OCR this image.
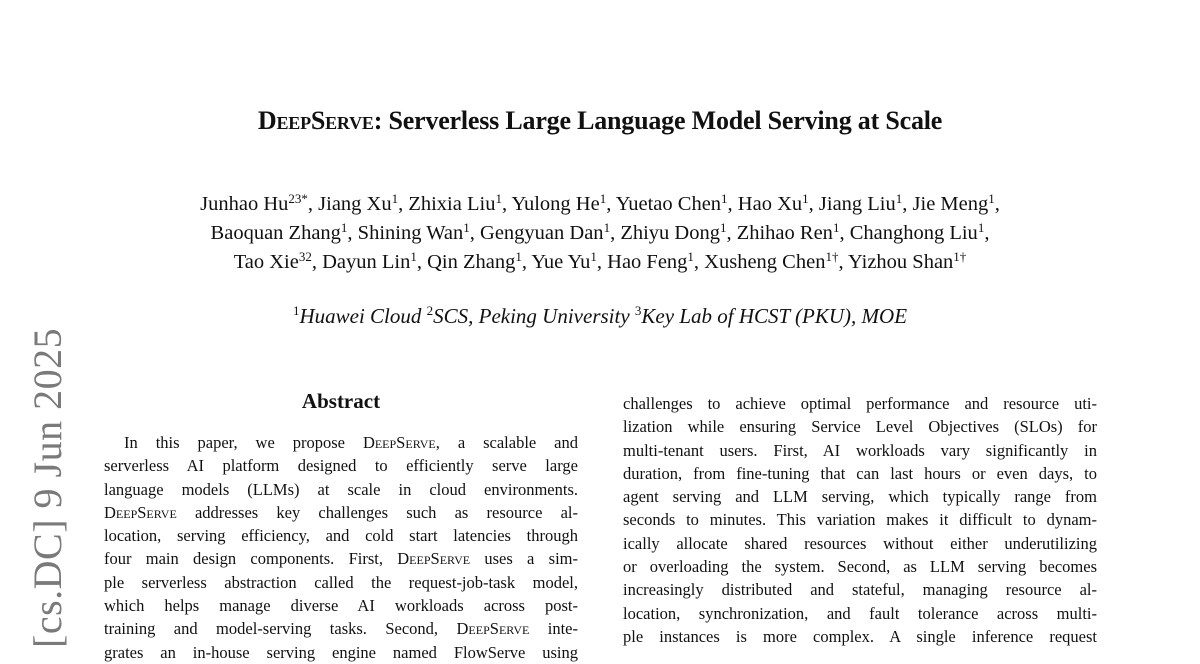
DeepServe: Serverless Large Language Model Serving at Scale
Junhao $Hu^{23*}$, Jiang Xu$^1$, Zhixia Liu$^1$, Yulong He$^1$, Yuetao Chen$^1$, Hao Xu$^1$, Jiang Liu$^1$, Jie Meng$^1$,
Baoquan Zhang$^1$, Shining Wan$^1$, Gengyuan Dan$^1$, Zhiyu Dong$^1$, Zhihao Ren$^1$, Changhong Liu$^1$,
Tao Xie$^{32}$, Dayun Lin$^1$, Qin Zhang$^1$, Yue Yu$^1$, Hao Feng$^1$, Xusheng Chen$^{1\dagger}$, Yizhou Shan$^{1\dagger}$
$^1$Huawei Cloud $^2$SCS, Peking University $^3$Key Lab of HCST (PKU), MOE
[cs.DC] 9 Jun 2025	Abstract
In this paper, we propose DeepServe, a scalable and
serverless AI platform designed to efficiently serve large
language models (LLMs) at scale in cloud environments.
DeepServe addresses key challenges such as resource al-
location, serving efficiency, and cold start latencies through
four main design components. First, DeepServe uses a sim-
ple serverless abstraction called the request-job-task model,
which helps manage diverse AI workloads across post-
training and model-serving tasks. Second, DeepServe inte-
grates an in-house serving engine named FlowServe using
challenges to achieve optimal performance and resource uti-
lization while ensuring Service Level Objectives (SLOs) for
multi-tenant users. First, AI workloads vary significantly in
duration, from fine-tuning that can last hours or even days, to
agent serving and LLM serving, which typically range from
seconds to minutes. This variation makes it difficult to dynam-
ically allocate shared resources without either underutilizing
or overloading the system. Second, as LLM serving becomes
increasingly distributed and stateful, managing resource al-
location, synchronization, and fault tolerance across multi-
ple instances is more complex. A single inference request
